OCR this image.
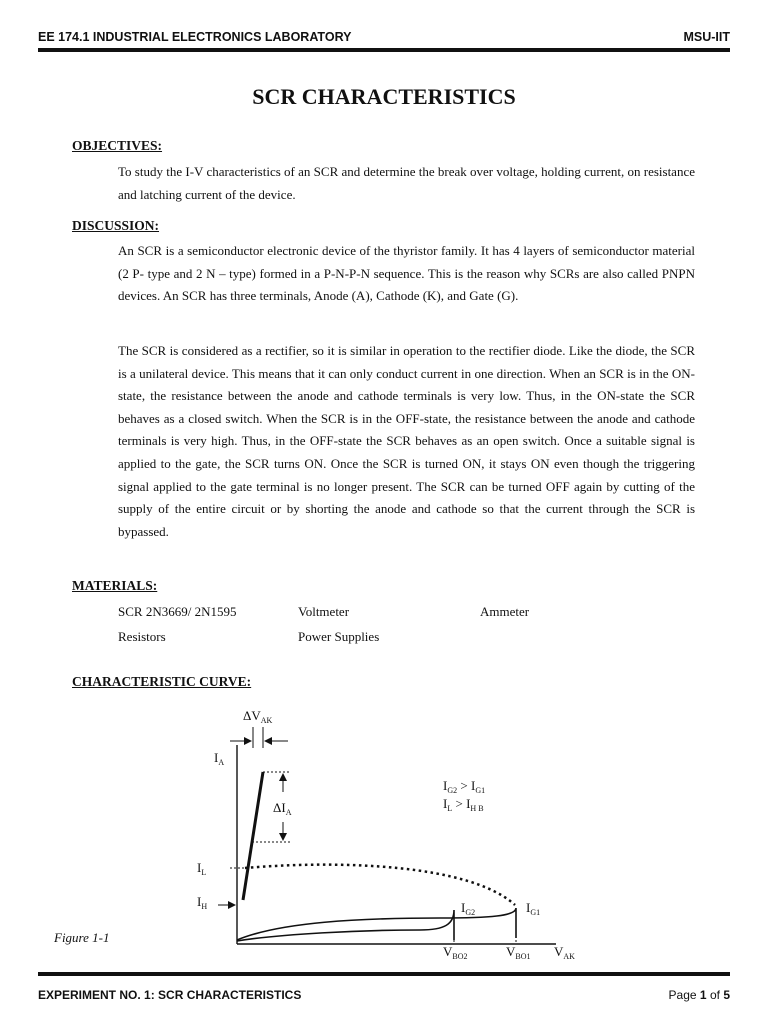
EE 174.1 INDUSTRIAL ELECTRONICS LABORATORY	MSU-IIT
SCR CHARACTERISTICS
OBJECTIVES:

To study the I-V characteristics of an SCR and determine the break over voltage, holding current, on resistance and latching current of the device.

DISCUSSION:

An SCR is a semiconductor electronic device of the thyristor family. It has 4 layers of semiconductor material (2 P- type and 2 N – type) formed in a P-N-P-N sequence. This is the reason why SCRs are also called PNPN devices. An SCR has three terminals, Anode (A), Cathode (K), and Gate (G).

The SCR is considered as a rectifier, so it is similar in operation to the rectifier diode. Like the diode, the SCR is a unilateral device. This means that it can only conduct current in one direction. When an SCR is in the ON-state, the resistance between the anode and cathode terminals is very low. Thus, in the ON-state the SCR behaves as a closed switch. When the SCR is in the OFF-state, the resistance between the anode and cathode terminals is very high. Thus, in the OFF-state the SCR behaves as an open switch. Once a suitable signal is applied to the gate, the SCR turns ON. Once the SCR is turned ON, it stays ON even though the triggering signal applied to the gate terminal is no longer present. The SCR can be turned OFF again by cutting of the supply of the entire circuit or by shorting the anode and cathode so that the current through the SCR is bypassed.

MATERIALS:
SCR 2N3669/ 2N1595	Voltmeter	Ammeter
Resistors	Power Supplies
CHARACTERISTIC CURVE:
$\Delta V_{AK}$
$I_A$
$\Delta I_A$
$I_L$
$I_H$	$I_{G2}$	$I_{G1}$
$V_{BO2}$	$V_{BO1}$ $V_{AK}$
$I_{G2} > I_{G1}$
$I_L > I_{H B}$
Figure 1-1
EXPERIMENT NO. 1: SCR CHARACTERISTICS	Page 1 of 5
